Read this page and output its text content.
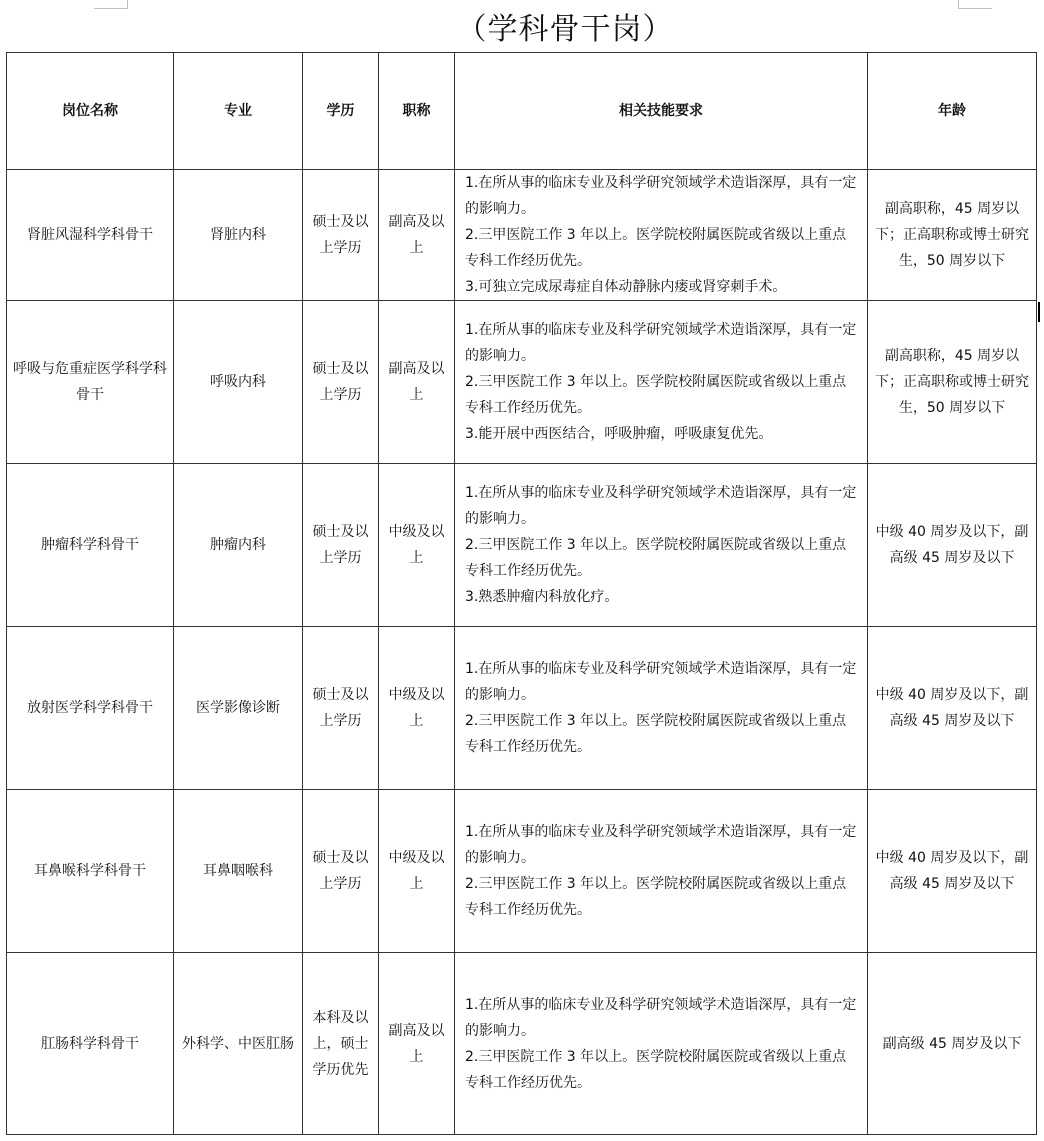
（学科骨干岗）
岗位名称	专业	学历	职称	相关技能要求	年龄

肾脏风湿科学科骨干	肾脏内科	硕士及以上学历	副高及以上	1.在所从事的临床专业及科学研究领域学术造诣深厚，具有一定的影响力。
2.三甲医院工作 3 年以上。医学院校附属医院或省级以上重点专科工作经历优先。
3.可独立完成尿毒症自体动静脉内瘘或肾穿刺手术。	副高职称，45 周岁以下；正高职称或博士研究生，50 周岁以下

呼吸与危重症医学科学科骨干	呼吸内科	硕士及以上学历	副高及以上	1.在所从事的临床专业及科学研究领域学术造诣深厚，具有一定的影响力。
2.三甲医院工作 3 年以上。医学院校附属医院或省级以上重点专科工作经历优先。
3.能开展中西医结合，呼吸肿瘤，呼吸康复优先。	副高职称，45 周岁以下；正高职称或博士研究生，50 周岁以下

肿瘤科学科骨干	肿瘤内科	硕士及以上学历	中级及以上	1.在所从事的临床专业及科学研究领域学术造诣深厚，具有一定的影响力。
2.三甲医院工作 3 年以上。医学院校附属医院或省级以上重点专科工作经历优先。
3.熟悉肿瘤内科放化疗。	中级 40 周岁及以下，副高级 45 周岁及以下

放射医学科学科骨干	医学影像诊断	硕士及以上学历	中级及以上	1.在所从事的临床专业及科学研究领域学术造诣深厚，具有一定的影响力。
2.三甲医院工作 3 年以上。医学院校附属医院或省级以上重点专科工作经历优先。	中级 40 周岁及以下，副高级 45 周岁及以下

耳鼻喉科学科骨干	耳鼻咽喉科	硕士及以上学历	中级及以上	1.在所从事的临床专业及科学研究领域学术造诣深厚，具有一定的影响力。
2.三甲医院工作 3 年以上。医学院校附属医院或省级以上重点专科工作经历优先。	中级 40 周岁及以下，副高级 45 周岁及以下

肛肠科学科骨干	外科学、中医肛肠	本科及以上，硕士学历优先	副高及以上	1.在所从事的临床专业及科学研究领域学术造诣深厚，具有一定的影响力。
2.三甲医院工作 3 年以上。医学院校附属医院或省级以上重点专科工作经历优先。	副高级 45 周岁及以下
